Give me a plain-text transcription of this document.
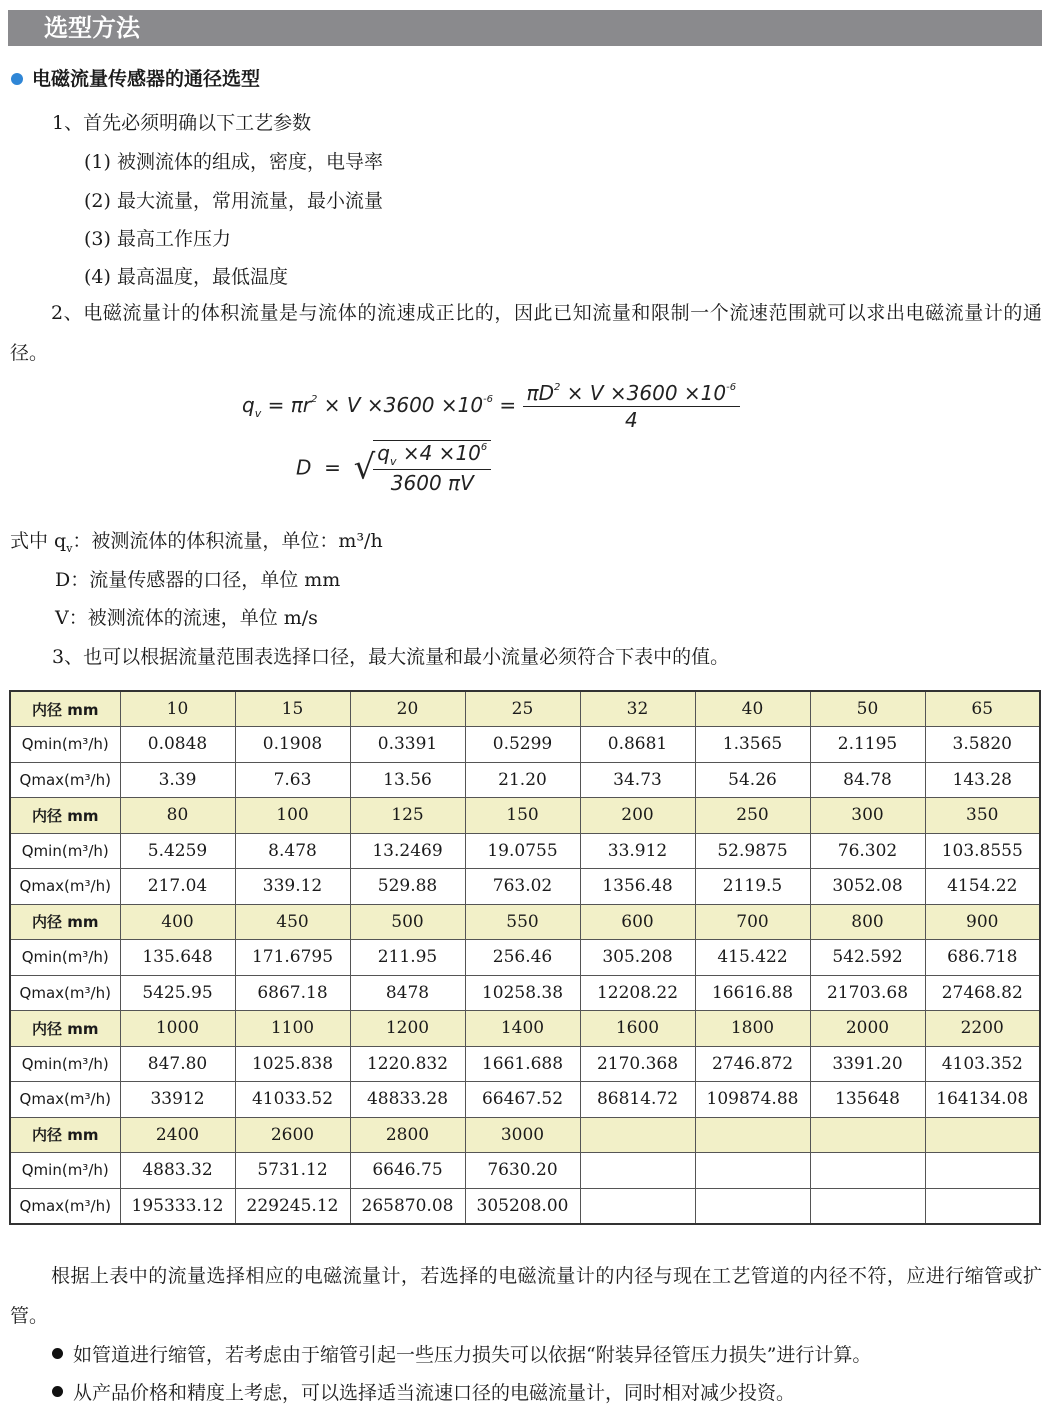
选型方法
电磁流量传感器的通径选型
1、首先必须明确以下工艺参数
(1) 被测流体的组成，密度，电导率
(2) 最大流量，常用流量，最小流量
(3) 最高工作压力
(4) 最高温度，最低温度
2、电磁流量计的体积流量是与流体的流速成正比的，因此已知流量和限制一个流速范围就可以求出电磁流量计的通径。
$q_v = \pi r^2 \times V \times 3600 \times 10^{-6} = \frac{\pi D^2 \times V \times 3600 \times 10^{-6}}{4}$
D  =  √
$\frac{q_v \times 4 \times 10^6}{3600 \pi V}$
式中 $q_v$：被测流体的体积流量，单位：m³/h
D：流量传感器的口径，单位 mm
V：被测流体的流速，单位 m/s
3、也可以根据流量范围表选择口径，最大流量和最小流量必须符合下表中的值。
内径 mm	10	15	20	25	32	40	50	65
Qmin(m³/h)	0.0848	0.1908	0.3391	0.5299	0.8681	1.3565	2.1195	3.5820
Qmax(m³/h)	3.39	7.63	13.56	21.20	34.73	54.26	84.78	143.28
内径 mm	80	100	125	150	200	250	300	350
Qmin(m³/h)	5.4259	8.478	13.2469	19.0755	33.912	52.9875	76.302	103.8555
Qmax(m³/h)	217.04	339.12	529.88	763.02	1356.48	2119.5	3052.08	4154.22
内径 mm	400	450	500	550	600	700	800	900
Qmin(m³/h)	135.648	171.6795	211.95	256.46	305.208	415.422	542.592	686.718
Qmax(m³/h)	5425.95	6867.18	8478	10258.38	12208.22	16616.88	21703.68	27468.82
内径 mm	1000	1100	1200	1400	1600	1800	2000	2200
Qmin(m³/h)	847.80	1025.838	1220.832	1661.688	2170.368	2746.872	3391.20	4103.352
Qmax(m³/h)	33912	41033.52	48833.28	66467.52	86814.72	109874.88	135648	164134.08
内径 mm	2400	2600	2800	3000				
Qmin(m³/h)	4883.32	5731.12	6646.75	7630.20				
Qmax(m³/h)	195333.12	229245.12	265870.08	305208.00				
根据上表中的流量选择相应的电磁流量计，若选择的电磁流量计的内径与现在工艺管道的内径不符，应进行缩管或扩管。
如管道进行缩管，若考虑由于缩管引起一些压力损失可以依据“附装异径管压力损失”进行计算。
从产品价格和精度上考虑，可以选择适当流速口径的电磁流量计，同时相对减少投资。
